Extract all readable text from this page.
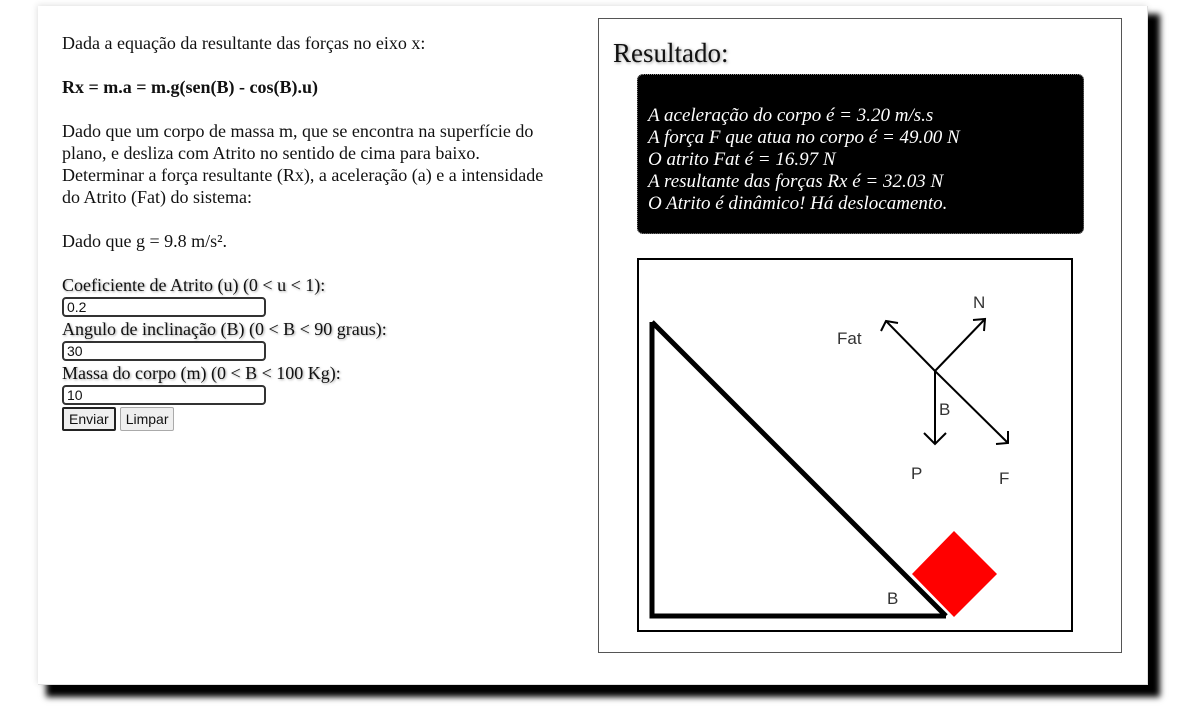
Dada a equação da resultante das forças no eixo x:

Rx = m.a = m.g(sen(B) - cos(B).u)

Dado que um corpo de massa m, que se encontra na superfície do plano, e desliza com Atrito no sentido de cima para baixo.

Determinar a força resultante (Rx), a aceleração (a) e a intensidade do Atrito (Fat) do sistema:

Dado que g = 9.8 m/s².

Coeficiente de Atrito (u) (0 < u < 1):
0.2
Angulo de inclinação (B) (0 < B < 90 graus):
30
Massa do corpo (m) (0 < B < 100 Kg):
10
Enviar	Limpar
Resultado:
A aceleração do corpo é = 3.20 m/s.s
A força F que atua no corpo é = 49.00 N
O atrito Fat é = 16.97 N
A resultante das forças Rx é = 32.03 N
O Atrito é dinâmico! Há deslocamento.
N
Fat
B
P	F
B
